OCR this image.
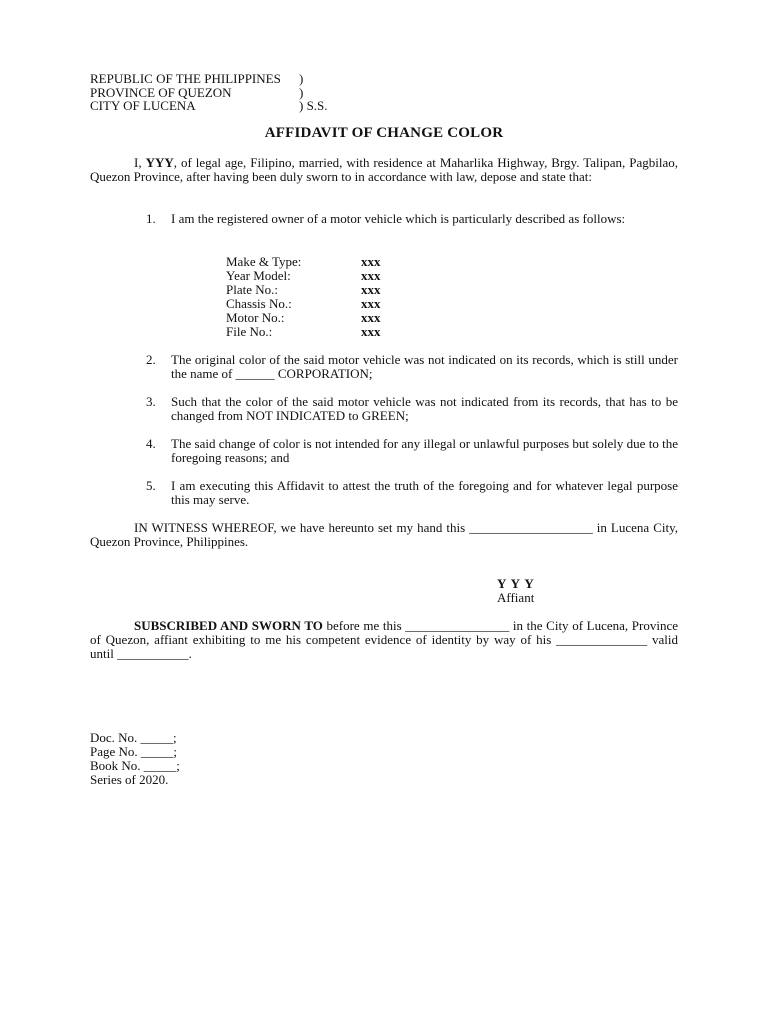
REPUBLIC OF THE PHILIPPINES
PROVINCE OF QUEZON
CITY OF LUCENA
)
)
) S.S.
AFFIDAVIT OF CHANGE COLOR

I, YYY, of legal age, Filipino, married, with residence at Maharlika Highway, Brgy. Talipan, Pagbilao, Quezon Province, after having been duly sworn to in accordance with law, depose and state that:

1. I am the registered owner of a motor vehicle which is particularly described as follows:
Make & Type:	xxx
Year Model:	xxx
Plate No.:	xxx
Chassis No.:	xxx
Motor No.:	xxx
File No.:	xxx
2. The original color of the said motor vehicle was not indicated on its records, which is still under the name of ______ CORPORATION;
3. Such that the color of the said motor vehicle was not indicated from its records, that has to be changed from NOT INDICATED to GREEN;
4. The said change of color is not intended for any illegal or unlawful purposes but solely due to the foregoing reasons; and
5. I am executing this Affidavit to attest the truth of the foregoing and for whatever legal purpose this may serve.

IN WITNESS WHEREOF, we have hereunto set my hand this ___________________ in Lucena City, Quezon Province, Philippines.

Y Y Y
Affiant

SUBSCRIBED AND SWORN TO before me this ________________ in the City of Lucena, Province of Quezon, affiant exhibiting to me his competent evidence of identity by way of his ______________ valid until ___________.

Doc. No. _____;
Page No. _____;
Book No. _____;
Series of 2020.
